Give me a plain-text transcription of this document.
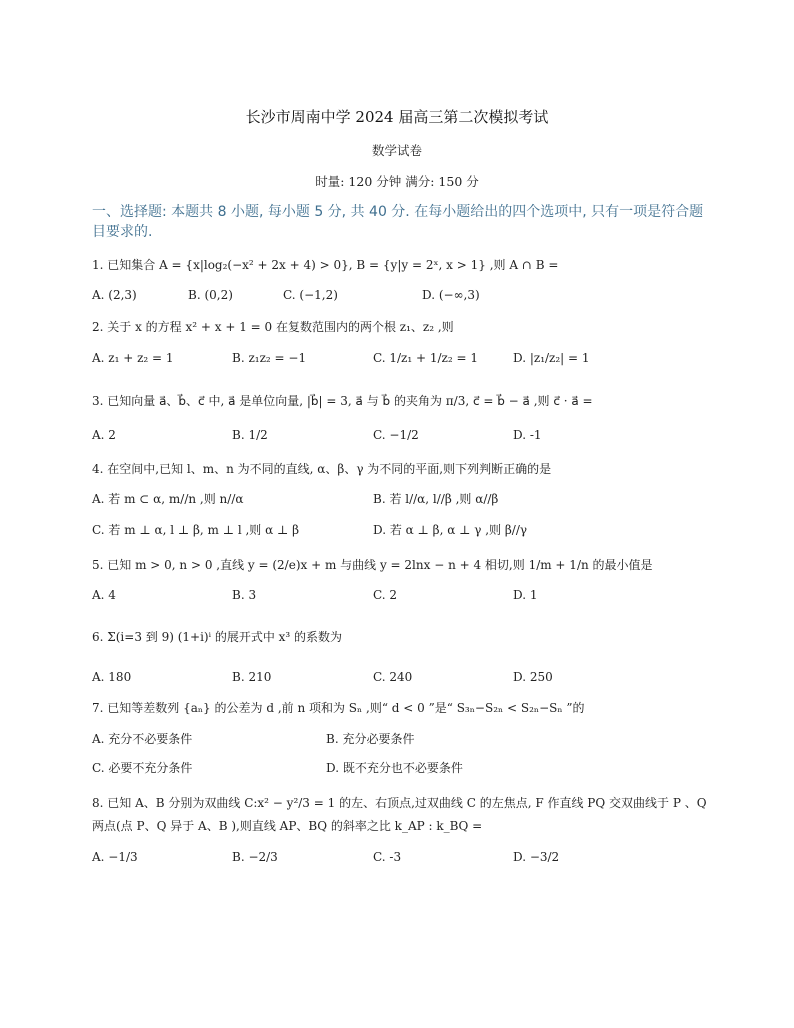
长沙市周南中学 2024 届高三第二次模拟考试
数学试卷
时量: 120 分钟 满分: 150 分
一、选择题: 本题共 8 小题, 每小题 5 分, 共 40 分. 在每小题给出的四个选项中, 只有一项是符合题目要求的.
1. 已知集合 A = {x|log₂(−x² + 2x + 4) > 0}, B = {y|y = 2ˣ, x > 1} ,则 A ∩ B =
A. (2,3)	B. (0,2)	C. (−1,2)	D. (−∞,3)
2. 关于 x 的方程 x² + x + 1 = 0 在复数范围内的两个根 z₁、z₂ ,则
A. z₁ + z₂ = 1	B. z₁z₂ = −1	C. 1/z₁ + 1/z₂ = 1	D. |z₁/z₂| = 1
3. 已知向量 a⃗、b⃗、c⃗ 中, a⃗ 是单位向量, |b⃗| = 3, a⃗ 与 b⃗ 的夹角为 π/3, c⃗ = b⃗ − a⃗ ,则 c⃗ · a⃗ =
A. 2	B. 1/2	C. −1/2	D. -1
4. 在空间中,已知 l、m、n 为不同的直线, α、β、γ 为不同的平面,则下列判断正确的是
A. 若 m ⊂ α, m//n ,则 n//α	B. 若 l//α, l//β ,则 α//β
C. 若 m ⊥ α, l ⊥ β, m ⊥ l ,则 α ⊥ β	D. 若 α ⊥ β, α ⊥ γ ,则 β//γ
5. 已知 m > 0, n > 0 ,直线 y = (2/e)x + m 与曲线 y = 2lnx − n + 4 相切,则 1/m + 1/n 的最小值是
A. 4	B. 3	C. 2	D. 1
6. Σ(i=3 到 9) (1+i)ⁱ 的展开式中 x³ 的系数为
A. 180	B. 210	C. 240	D. 250
7. 已知等差数列 {aₙ} 的公差为 d ,前 n 项和为 Sₙ ,则“ d < 0 ”是“ S₃ₙ−S₂ₙ < S₂ₙ−Sₙ ”的
A. 充分不必要条件	B. 充分必要条件
C. 必要不充分条件	D. 既不充分也不必要条件
8. 已知 A、B 分别为双曲线 C:x² − y²/3 = 1 的左、右顶点,过双曲线 C 的左焦点, F 作直线 PQ 交双曲线于 P 、Q 两点(点 P、Q 异于 A、B ),则直线 AP、BQ 的斜率之比 k_AP : k_BQ =
A. −1/3	B. −2/3	C. -3	D. −3/2
